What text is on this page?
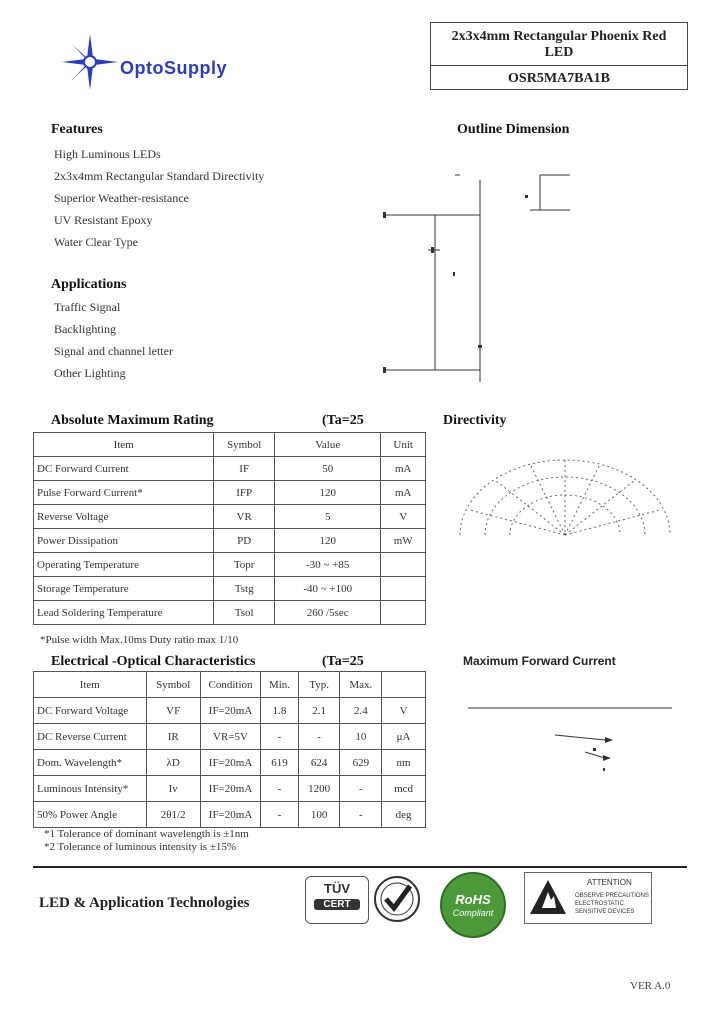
OptoSupply
2x3x4mm Rectangular Phoenix Red LED
OSR5MA7BA1B
Features
High Luminous LEDs
2x3x4mm Rectangular Standard Directivity
Superior Weather-resistance
UV Resistant Epoxy
Water Clear Type
Applications
Traffic Signal
Backlighting
Signal and channel letter
Other Lighting
Outline Dimension
Absolute Maximum Rating	(Ta=25
Item	Symbol	Value	Unit
DC Forward Current	IF	50	mA
Pulse Forward Current*	IFP	120	mA
Reverse Voltage	VR	5	V
Power Dissipation	PD	120	mW
Operating Temperature	Topr	-30 ~ +85	
Storage Temperature	Tstg	-40 ~ +100	
Lead Soldering Temperature	Tsol	260 /5sec	
*Pulse width Max.10ms Duty ratio max 1/10
Directivity
Electrical -Optical Characteristics	(Ta=25
Item	Symbol	Condition	Min.	Typ.	Max.	
DC Forward Voltage	VF	IF=20mA	1.8	2.1	2.4	V
DC Reverse Current	IR	VR=5V	-	-	10	μA
Dom. Wavelength*	λD	IF=20mA	619	624	629	nm
Luminous Intensity*	Iv	IF=20mA	-	1200	-	mcd
50% Power Angle	2θ1/2	IF=20mA	-	100	-	deg
*1 Tolerance of dominant wavelength is ±1nm
*2 Tolerance of luminous intensity is ±15%
Maximum Forward Current
LED & Application Technologies
TÜV
CERT	RoHS
Compliant
ATTENTION
OBSERVE PRECAUTIONS
ELECTROSTATIC
SENSITIVE DEVICES
VER A.0
